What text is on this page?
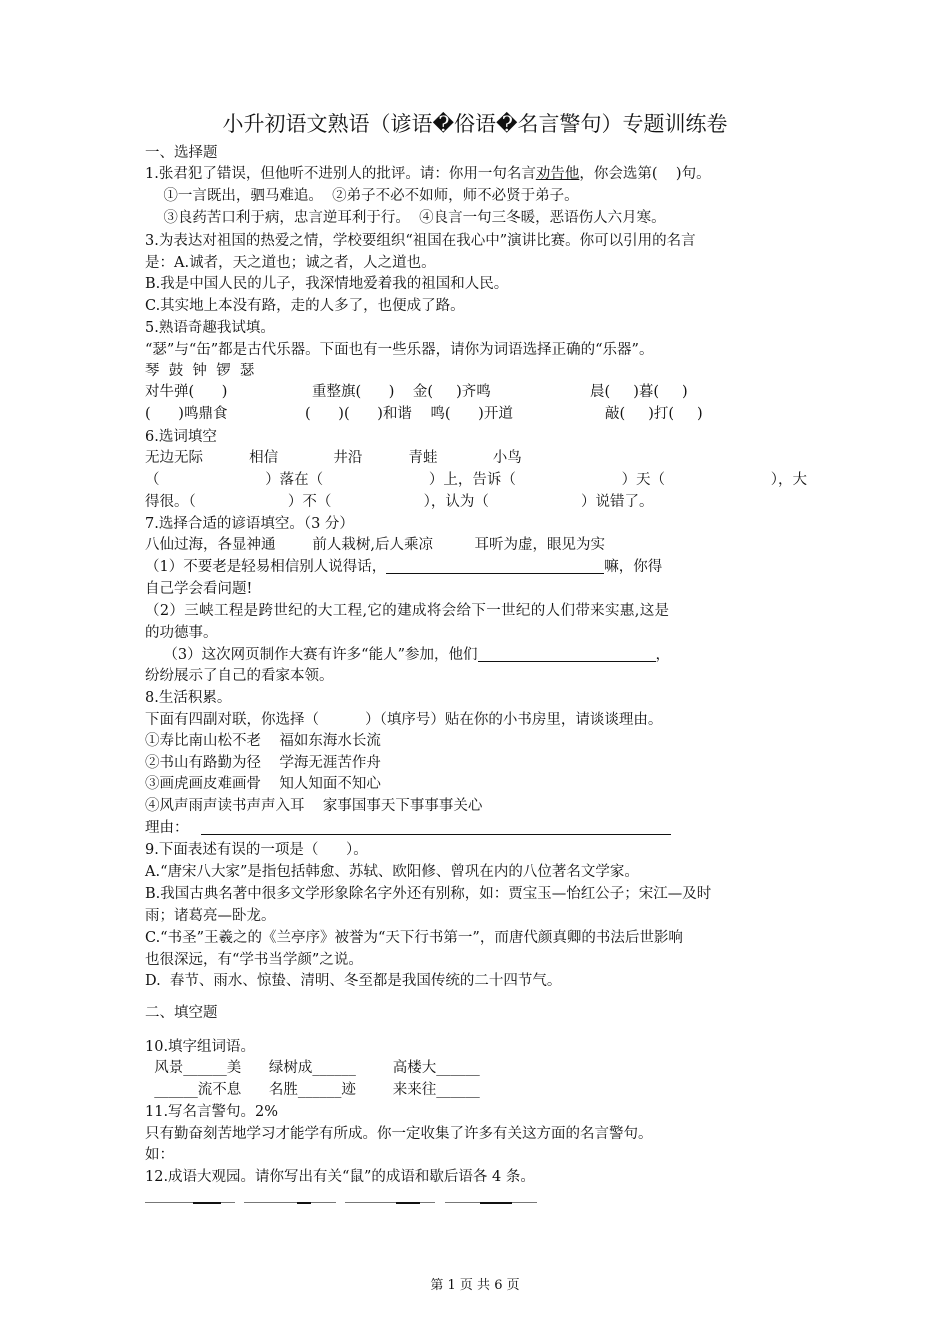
小升初语文熟语（谚语�俗语�名言警句）专题训练卷
一、选择题
1.张君犯了错误，但他听不进别人的批评。请：你用一句名言劝告他，你会选第(    )句。
①一言既出，驷马难追。  ②弟子不必不如师，师不必贤于弟子。
③良药苦口利于病，忠言逆耳利于行。  ④良言一句三冬暖，恶语伤人六月寒。
3.为表达对祖国的热爱之情，学校要组织“祖国在我心中”演讲比赛。你可以引用的名言
是：A.诚者，天之道也；诚之者，人之道也。
B.我是中国人民的儿子，我深情地爱着我的祖国和人民。
C.其实地上本没有路，走的人多了，也便成了路。
5.熟语奇趣我试填。
“瑟”与“缶”都是古代乐器。下面也有一些乐器，请你为词语选择正确的“乐器”。
琴  鼓  钟  锣  瑟
对牛弹(      )	重整旗(      )    金(     )齐鸣	晨(     )暮(     )
(      )鸣鼎食	(      )(      )和谐    鸣(      )开道	敲(     )打(     )
6.选词填空
无边无际          相信            井沿          青蛙            小鸟
（	）落在（	）上，告诉（	）天（	），大
得很。（                    ）不（                    ），认为（                    ）说错了。
7.选择合适的谚语填空。（3 分）
八仙过海，各显神通        前人栽树,后人乘凉         耳听为虚，眼见为实
（1）不要老是轻易相信别人说得话，	嘛，你得
自己学会看问题!
（2）三峡工程是跨世纪的大工程,它的建成将会给下一世纪的人们带来实惠,这是
的功德事。
（3）这次网页制作大赛有许多“能人”参加，他们	，
纷纷展示了自己的看家本领。
8.生活积累。
下面有四副对联，你选择（          ）（填序号）贴在你的小书房里，请谈谈理由。
①寿比南山松不老    福如东海水长流
②书山有路勤为径    学海无涯苦作舟
③画虎画皮难画骨    知人知面不知心
④风声雨声读书声声入耳    家事国事天下事事事关心
理由：
9.下面表述有误的一项是（      ）。
A.“唐宋八大家”是指包括韩愈、苏轼、欧阳修、曾巩在内的八位著名文学家。
B.我国古典名著中很多文学形象除名字外还有别称，如：贾宝玉—怡红公子；宋江—及时
雨；诸葛亮—卧龙。
C.“书圣”王羲之的《兰亭序》被誉为“天下行书第一”，而唐代颜真卿的书法后世影响
也很深远，有“学书当学颜”之说。
D.  春节、雨水、惊蛰、清明、冬至都是我国传统的二十四节气。
二、填空题
10.填字组词语。
风景______美      绿树成______        高楼大______
______流不息      名胜______迹        来来往______
11.写名言警句。2%
只有勤奋刻苦地学习才能学有所成。你一定收集了许多有关这方面的名言警句。
如：
12.成语大观园。请你写出有关“鼠”的成语和歇后语各 4 条。
第 1 页 共 6 页
